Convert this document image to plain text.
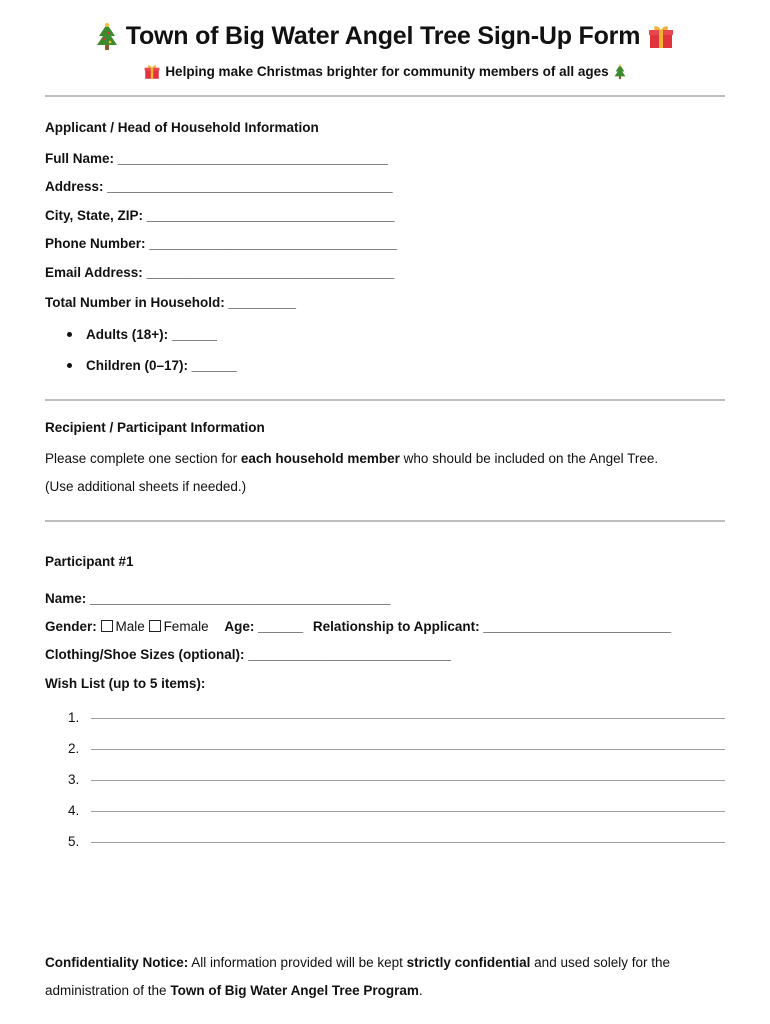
Town of Big Water Angel Tree Sign-Up Form

Helping make Christmas brighter for community members of all ages
Applicant / Head of Household Information
Full Name: ____________________________________
Address: ______________________________________
City, State, ZIP: _________________________________
Phone Number: _________________________________
Email Address: _________________________________
Total Number in Household: _________
Adults (18+): ______
Children (0–17): ______
Recipient / Participant Information
Please complete one section for each household member who should be included on the Angel Tree.
(Use additional sheets if needed.)
Participant #1
Name: ________________________________________
Gender: Male Female Age: ______ Relationship to Applicant: _________________________
Clothing/Shoe Sizes (optional): ___________________________
Wish List (up to 5 items):
1.
2.
3.
4.
5.
Confidentiality Notice: All information provided will be kept strictly confidential and used solely for the
administration of the Town of Big Water Angel Tree Program.
